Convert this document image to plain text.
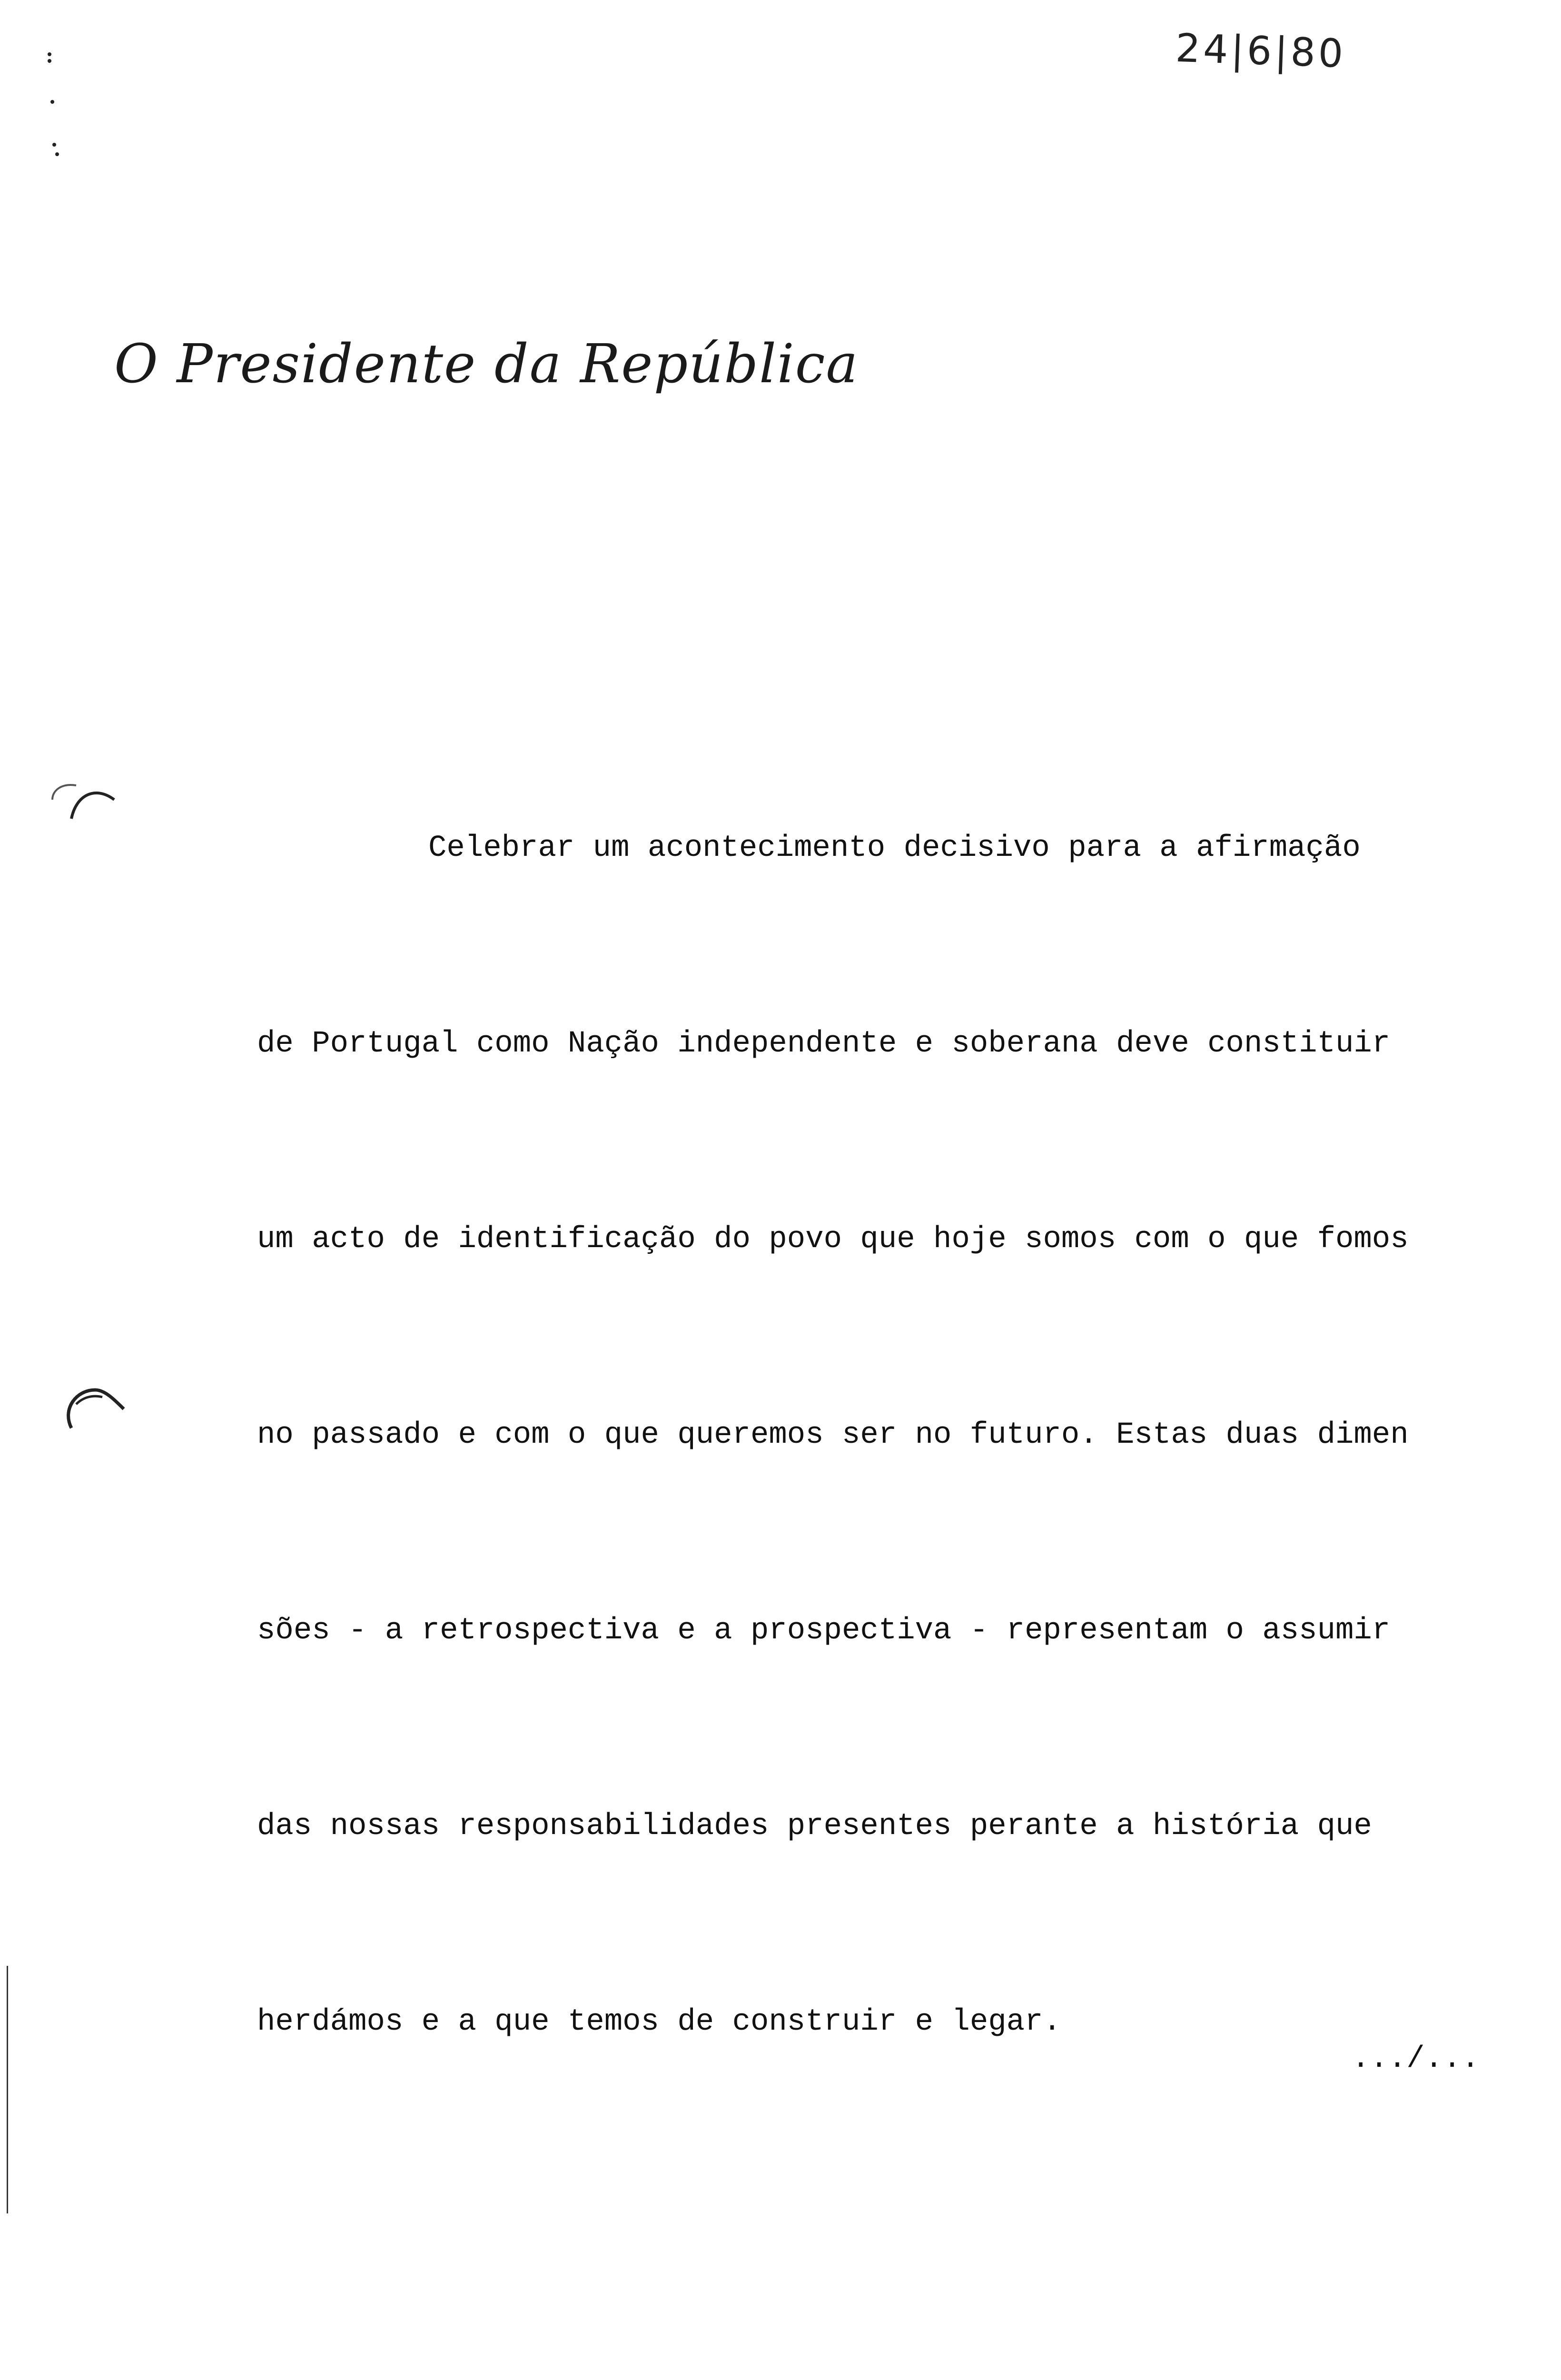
24|6|80
O Presidente da República

Celebrar um acontecimento decisivo para a afirmação

de Portugal como Nação independente e soberana deve constituir

um acto de identificação do povo que hoje somos com o que fomos

no passado e com o que queremos ser no futuro. Estas duas dimen

sões - a retrospectiva e a prospectiva - representam o assumir

das nossas responsabilidades presentes perante a história que

herdámos e a que temos de construir e legar.

.../...
